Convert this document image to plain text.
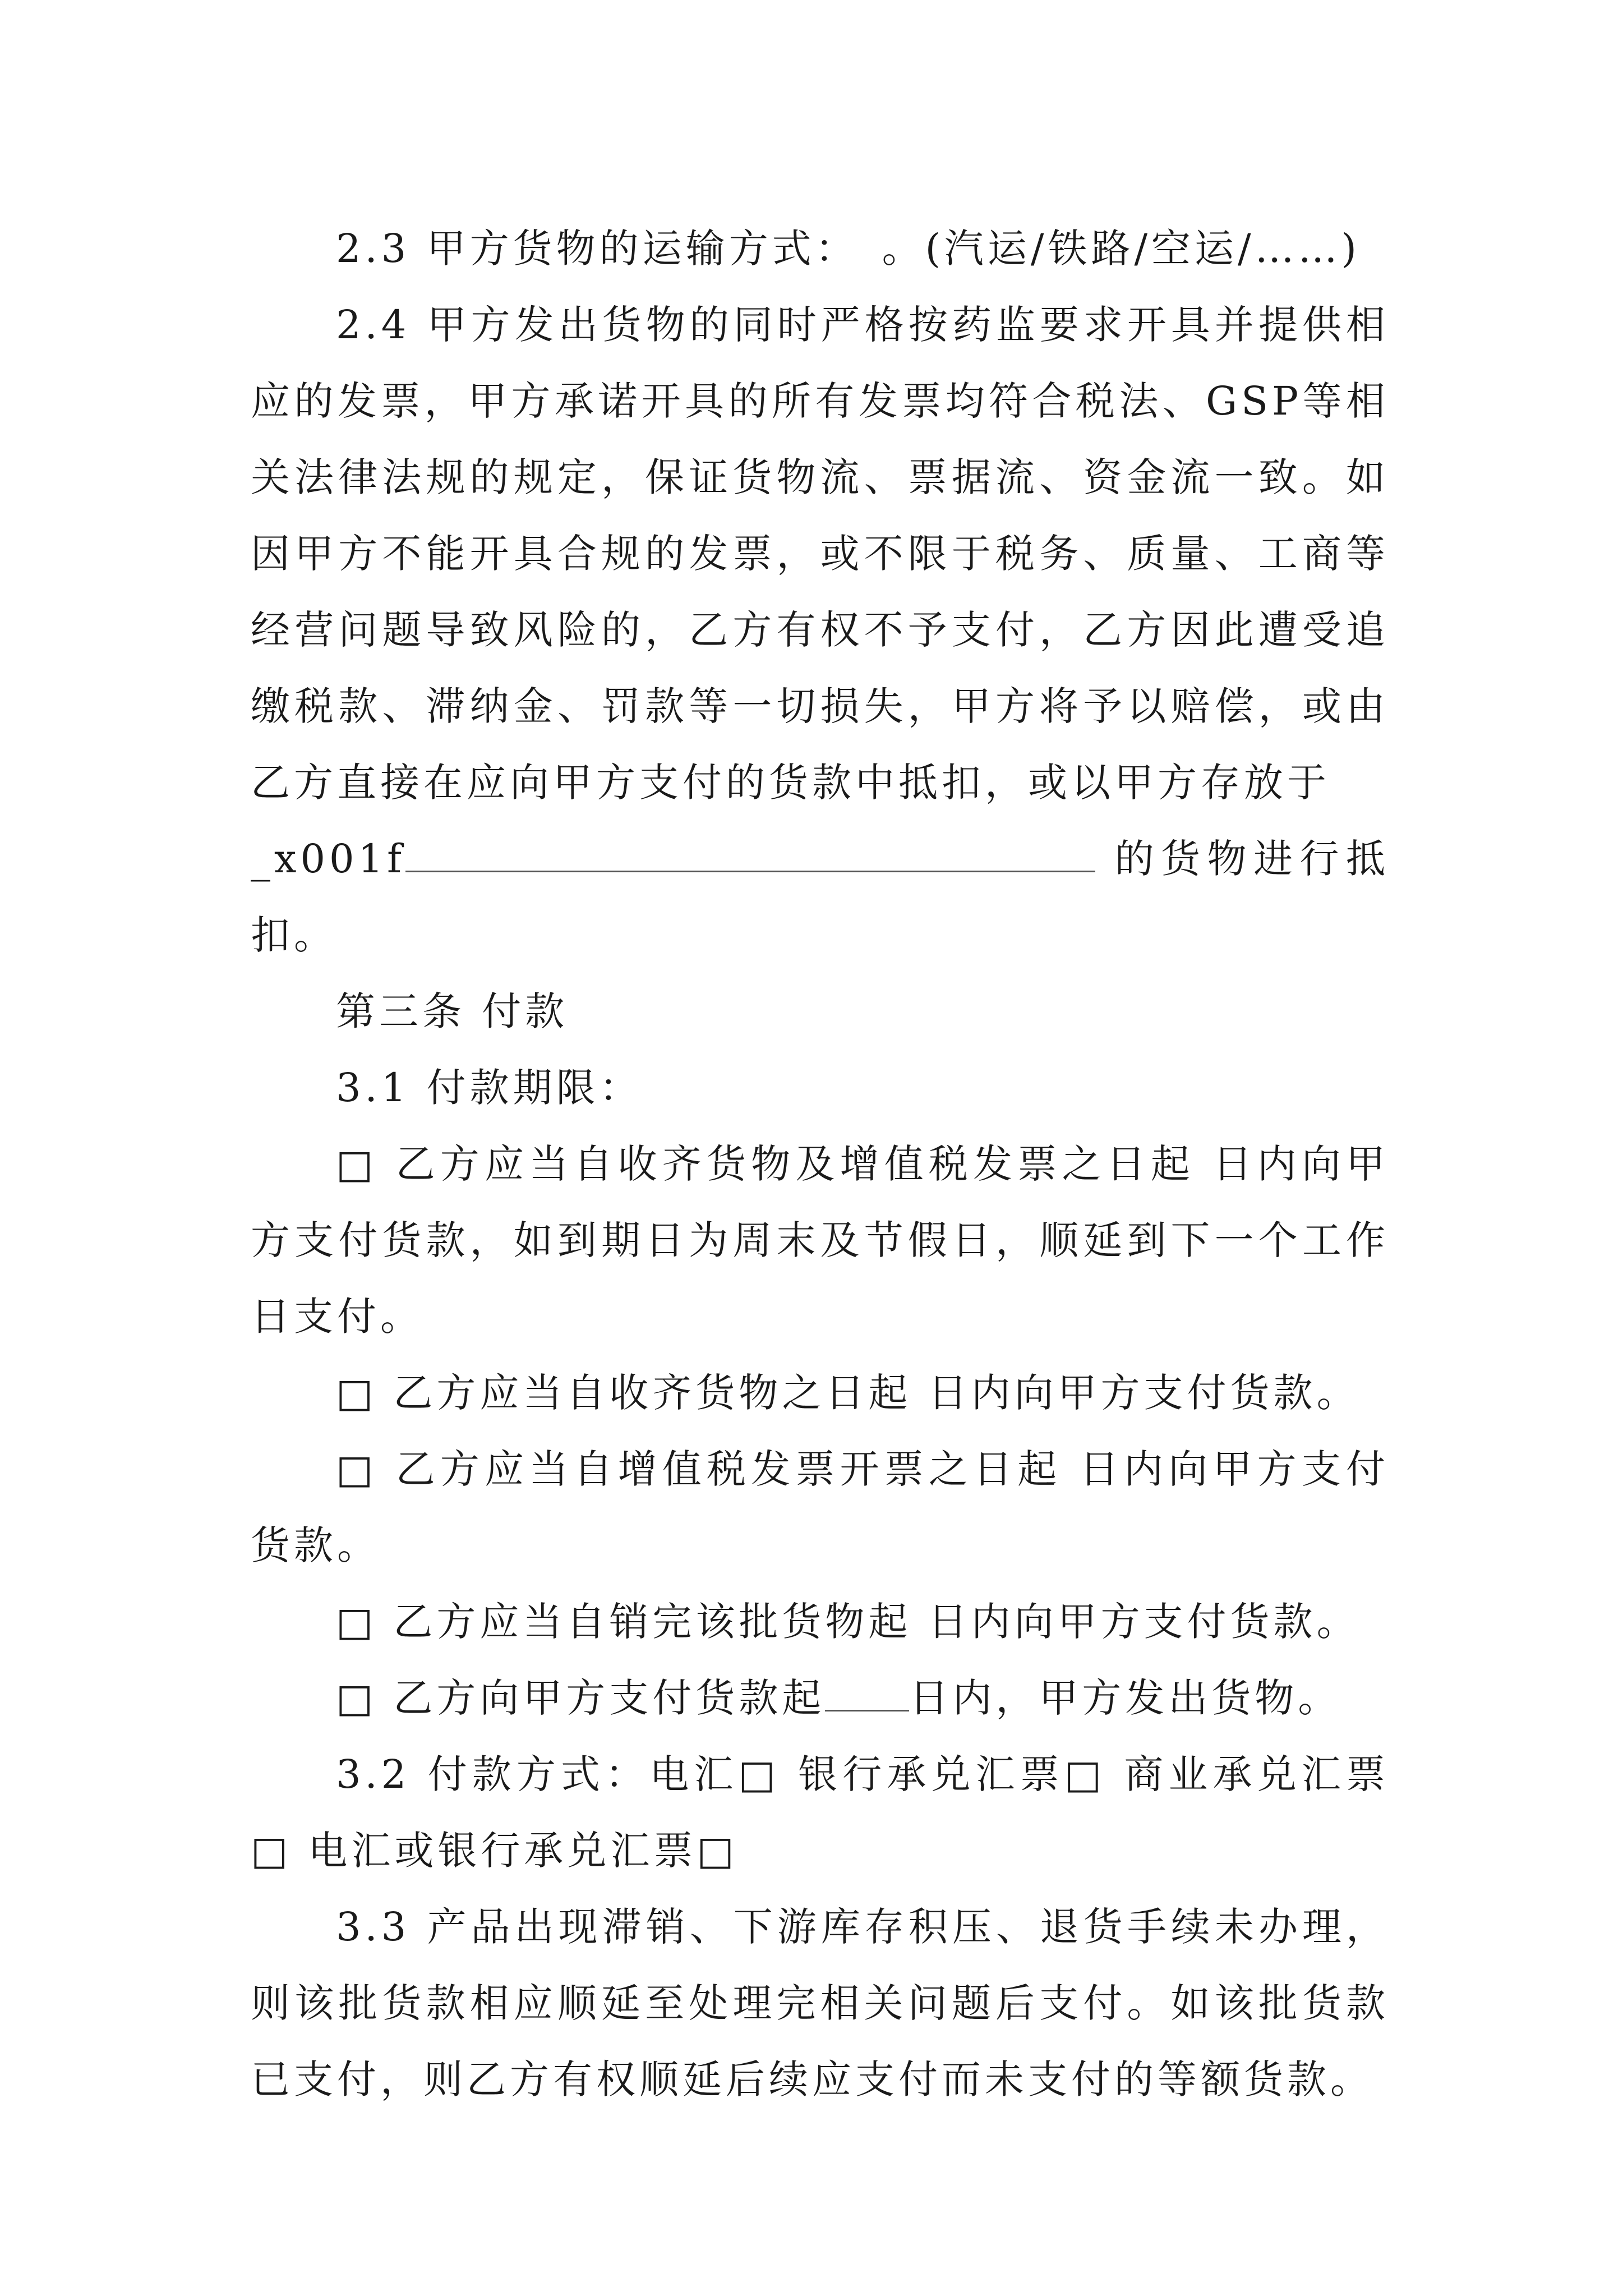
2.3 甲方货物的运输方式：　。(汽运/铁路/空运/……)

2.4 甲方发出货物的同时严格按药监要求开具并提供相应的发票，甲方承诺开具的所有发票均符合税法、GSP等相关法律法规的规定，保证货物流、票据流、资金流一致。如因甲方不能开具合规的发票，或不限于税务、质量、工商等经营问题导致风险的，乙方有权不予支付，乙方因此遭受追缴税款、滞纳金、罚款等一切损失，甲方将予以赔偿，或由乙方直接在应向甲方支付的货款中抵扣，或以甲方存放于

_x001f	的货物进行抵扣。

第三条 付款

3.1 付款期限：

□ 乙方应当自收齐货物及增值税发票之日起 日内向甲方支付货款，如到期日为周末及节假日，顺延到下一个工作日支付。

□ 乙方应当自收齐货物之日起 日内向甲方支付货款。

□ 乙方应当自增值税发票开票之日起 日内向甲方支付货款。

□ 乙方应当自销完该批货物起 日内向甲方支付货款。

□ 乙方向甲方支付货款起 日内，甲方发出货物。

3.2 付款方式：电汇□ 银行承兑汇票□ 商业承兑汇票□ 电汇或银行承兑汇票□

3.3 产品出现滞销、下游库存积压、退货手续未办理，则该批货款相应顺延至处理完相关问题后支付。如该批货款已支付，则乙方有权顺延后续应支付而未支付的等额货款。
